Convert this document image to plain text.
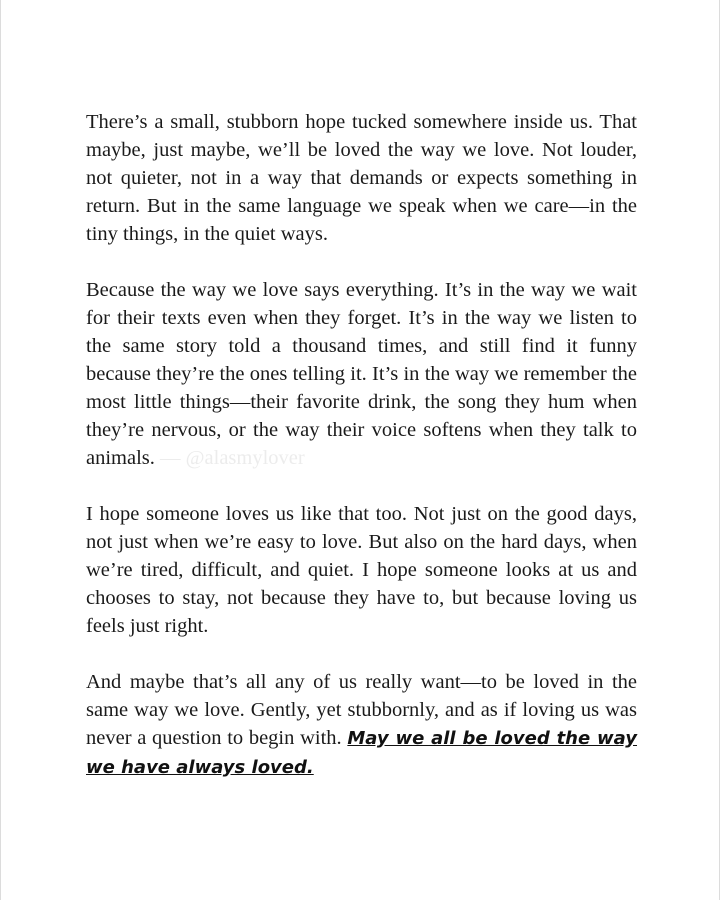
There’s a small, stubborn hope tucked somewhere inside us. That maybe, just maybe, we’ll be loved the way we love. Not louder, not quieter, not in a way that demands or expects something in return. But in the same language we speak when we care—in the tiny things, in the quiet ways.

Because the way we love says everything. It’s in the way we wait for their texts even when they forget. It’s in the way we listen to the same story told a thousand times, and still find it funny because they’re the ones telling it. It’s in the way we remember the most little things—their favorite drink, the song they hum when they’re nervous, or the way their voice softens when they talk to animals. — @alasmylover

I hope someone loves us like that too. Not just on the good days, not just when we’re easy to love. But also on the hard days, when we’re tired, difficult, and quiet. I hope someone looks at us and chooses to stay, not because they have to, but because loving us feels just right.

And maybe that’s all any of us really want—to be loved in the same way we love. Gently, yet stubbornly, and as if loving us was never a question to begin with. May we all be loved the way we have always loved.
